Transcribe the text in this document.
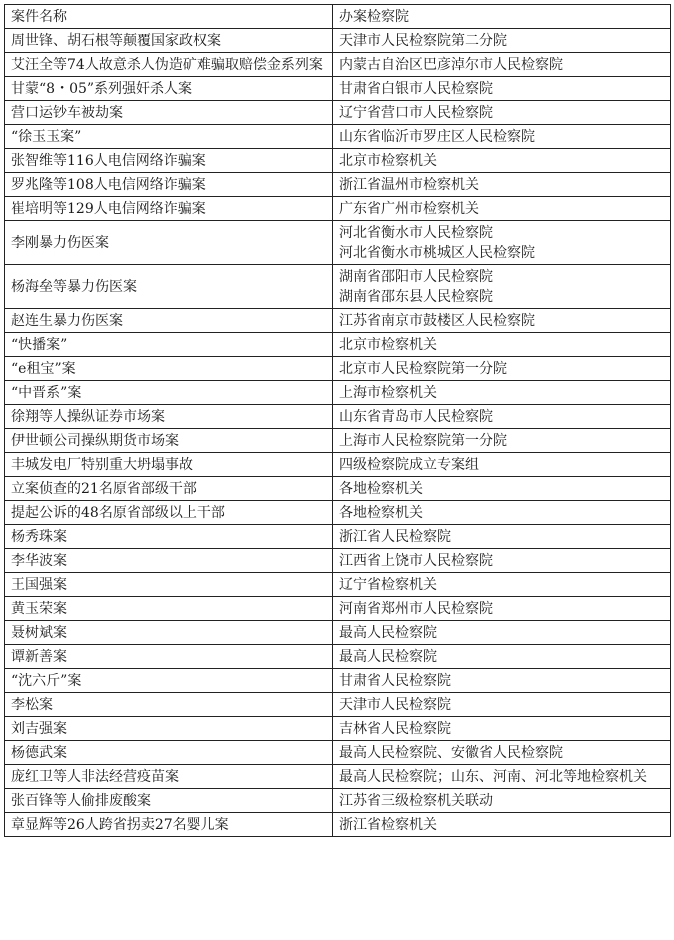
案件名称	办案检察院
周世锋、胡石根等颠覆国家政权案	天津市人民检察院第二分院

艾汪全等74人故意杀人伪造矿难骗取赔偿金系列案	内蒙古自治区巴彦淖尔市人民检察院

甘蒙“8・05”系列强奸杀人案	甘肃省白银市人民检察院

营口运钞车被劫案	辽宁省营口市人民检察院

“徐玉玉案”	山东省临沂市罗庄区人民检察院

张智维等116人电信网络诈骗案	北京市检察机关

罗兆隆等108人电信网络诈骗案	浙江省温州市检察机关

崔培明等129人电信网络诈骗案	广东省广州市检察机关

李刚暴力伤医案	河北省衡水市人民检察院
河北省衡水市桃城区人民检察院

杨海垒等暴力伤医案	湖南省邵阳市人民检察院
湖南省邵东县人民检察院

赵连生暴力伤医案	江苏省南京市鼓楼区人民检察院

“快播案”	北京市检察机关

“e租宝”案	北京市人民检察院第一分院

“中晋系”案	上海市检察机关

徐翔等人操纵证券市场案	山东省青岛市人民检察院

伊世顿公司操纵期货市场案	上海市人民检察院第一分院

丰城发电厂特别重大坍塌事故	四级检察院成立专案组

立案侦查的21名原省部级干部	各地检察机关

提起公诉的48名原省部级以上干部	各地检察机关

杨秀珠案	浙江省人民检察院

李华波案	江西省上饶市人民检察院

王国强案	辽宁省检察机关

黄玉荣案	河南省郑州市人民检察院

聂树斌案	最高人民检察院

谭新善案	最高人民检察院

“沈六斤”案	甘肃省人民检察院

李松案	天津市人民检察院

刘吉强案	吉林省人民检察院

杨德武案	最高人民检察院、安徽省人民检察院

庞红卫等人非法经营疫苗案	最高人民检察院；山东、河南、河北等地检察机关

张百锋等人偷排废酸案	江苏省三级检察机关联动

章显辉等26人跨省拐卖27名婴儿案	浙江省检察机关
